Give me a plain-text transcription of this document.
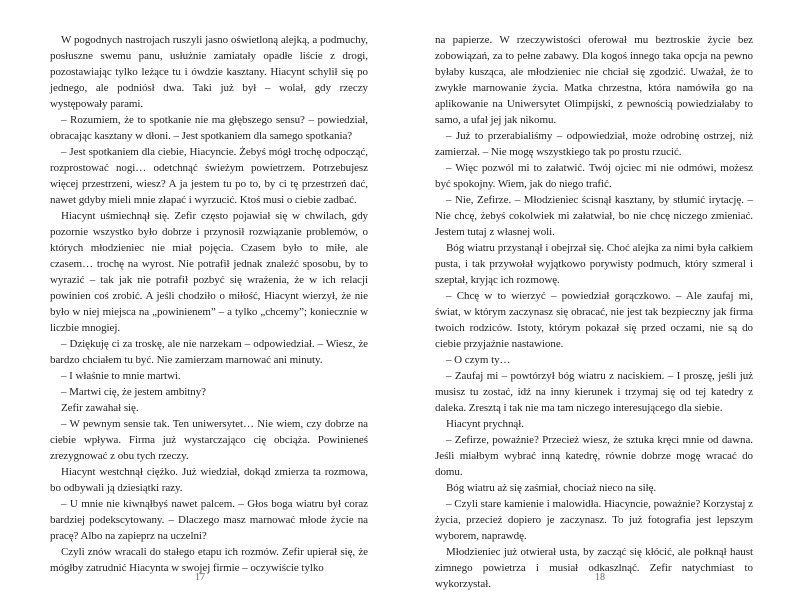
W pogodnych nastrojach ruszyli jasno oświetloną alejką, a podmuchy, posłuszne swemu panu, usłużnie zamiatały opadłe liście z drogi, pozostawiając tylko leżące tu i ówdzie kasztany. Hiacynt schylił się po jednego, ale podniósł dwa. Taki już był – wolał, gdy rzeczy występowały parami.

– Rozumiem, że to spotkanie nie ma głębszego sensu? – powiedział, obracając kasztany w dłoni. – Jest spotkaniem dla samego spotkania?

– Jest spotkaniem dla ciebie, Hiacyncie. Żebyś mógł trochę odpocząć, rozprostować nogi… odetchnąć świeżym powietrzem. Potrzebujesz więcej przestrzeni, wiesz? A ja jestem tu po to, by ci tę przestrzeń dać, nawet gdyby mieli mnie złapać i wyrzucić. Ktoś musi o ciebie zadbać.

Hiacynt uśmiechnął się. Zefir często pojawiał się w chwilach, gdy pozornie wszystko było dobrze i przynosił rozwiązanie problemów, o których młodzieniec nie miał pojęcia. Czasem było to miłe, ale czasem… trochę na wyrost. Nie potrafił jednak znaleźć sposobu, by to wyrazić – tak jak nie potrafił pozbyć się wrażenia, że w ich relacji powinien coś zrobić. A jeśli chodziło o miłość, Hiacynt wierzył, że nie było w niej miejsca na „powinienem” – a tylko „chcemy”; koniecznie w liczbie mnogiej.

– Dziękuję ci za troskę, ale nie narzekam – odpowiedział. – Wiesz, że bardzo chciałem tu być. Nie zamierzam marnować ani minuty.

– I właśnie to mnie martwi.

– Martwi cię, że jestem ambitny?

Zefir zawahał się.

– W pewnym sensie tak. Ten uniwersytet… Nie wiem, czy dobrze na ciebie wpływa. Firma już wystarczająco cię obciąża. Powinieneś zrezygnować z obu tych rzeczy.

Hiacynt westchnął ciężko. Już wiedział, dokąd zmierza ta rozmowa, bo odbywali ją dziesiątki razy.

– U mnie nie kiwnąłbyś nawet palcem. – Głos boga wiatru był coraz bardziej podekscytowany. – Dlaczego masz marnować młode życie na pracę? Albo na zapieprz na uczelni?

Czyli znów wracali do stałego etapu ich rozmów. Zefir upierał się, że mógłby zatrudnić Hiacynta w swojej firmie – oczywiście tylko

17

na papierze. W rzeczywistości oferował mu beztroskie życie bez zobowiązań, za to pełne zabawy. Dla kogoś innego taka opcja na pewno byłaby kusząca, ale młodzieniec nie chciał się zgodzić. Uważał, że to zwykłe marnowanie życia. Matka chrzestna, która namówiła go na aplikowanie na Uniwersytet Olimpijski, z pewnością powiedziałaby to samo, a ufał jej jak nikomu.

– Już to przerabialiśmy – odpowiedział, może odrobinę ostrzej, niż zamierzał. – Nie mogę wszystkiego tak po prostu rzucić.

– Więc pozwól mi to załatwić. Twój ojciec mi nie odmówi, możesz być spokojny. Wiem, jak do niego trafić.

– Nie, Zefirze. – Młodzieniec ścisnął kasztany, by stłumić irytację. – Nie chcę, żebyś cokolwiek mi załatwiał, bo nie chcę niczego zmieniać. Jestem tutaj z własnej woli.

Bóg wiatru przystanął i obejrzał się. Choć alejka za nimi była całkiem pusta, i tak przywołał wyjątkowo porywisty podmuch, który szmeral i szeptał, kryjąc ich rozmowę.

– Chcę w to wierzyć – powiedział gorączkowo. – Ale zaufaj mi, świat, w którym zaczynasz się obracać, nie jest tak bezpieczny jak firma twoich rodziców. Istoty, którym pokazał się przed oczami, nie są do ciebie przyjaźnie nastawione.

– O czym ty…

– Zaufaj mi – powtórzył bóg wiatru z naciskiem. – I proszę, jeśli już musisz tu zostać, idź na inny kierunek i trzymaj się od tej katedry z daleka. Zresztą i tak nie ma tam niczego interesującego dla siebie.

Hiacynt prychnął.

– Zefirze, poważnie? Przecież wiesz, że sztuka kręci mnie od dawna. Jeśli miałbym wybrać inną katedrę, równie dobrze mogę wracać do domu.

Bóg wiatru aż się zaśmiał, chociaż nieco na siłę.

– Czyli stare kamienie i malowidła. Hiacyncie, poważnie? Korzystaj z życia, przecież dopiero je zaczynasz. To już fotografia jest lepszym wyborem, naprawdę.

Młodzieniec już otwierał usta, by zacząć się kłócić, ale połknął haust zimnego powietrza i musiał odkaszlnąć. Zefir natychmiast to wykorzystał.

18
